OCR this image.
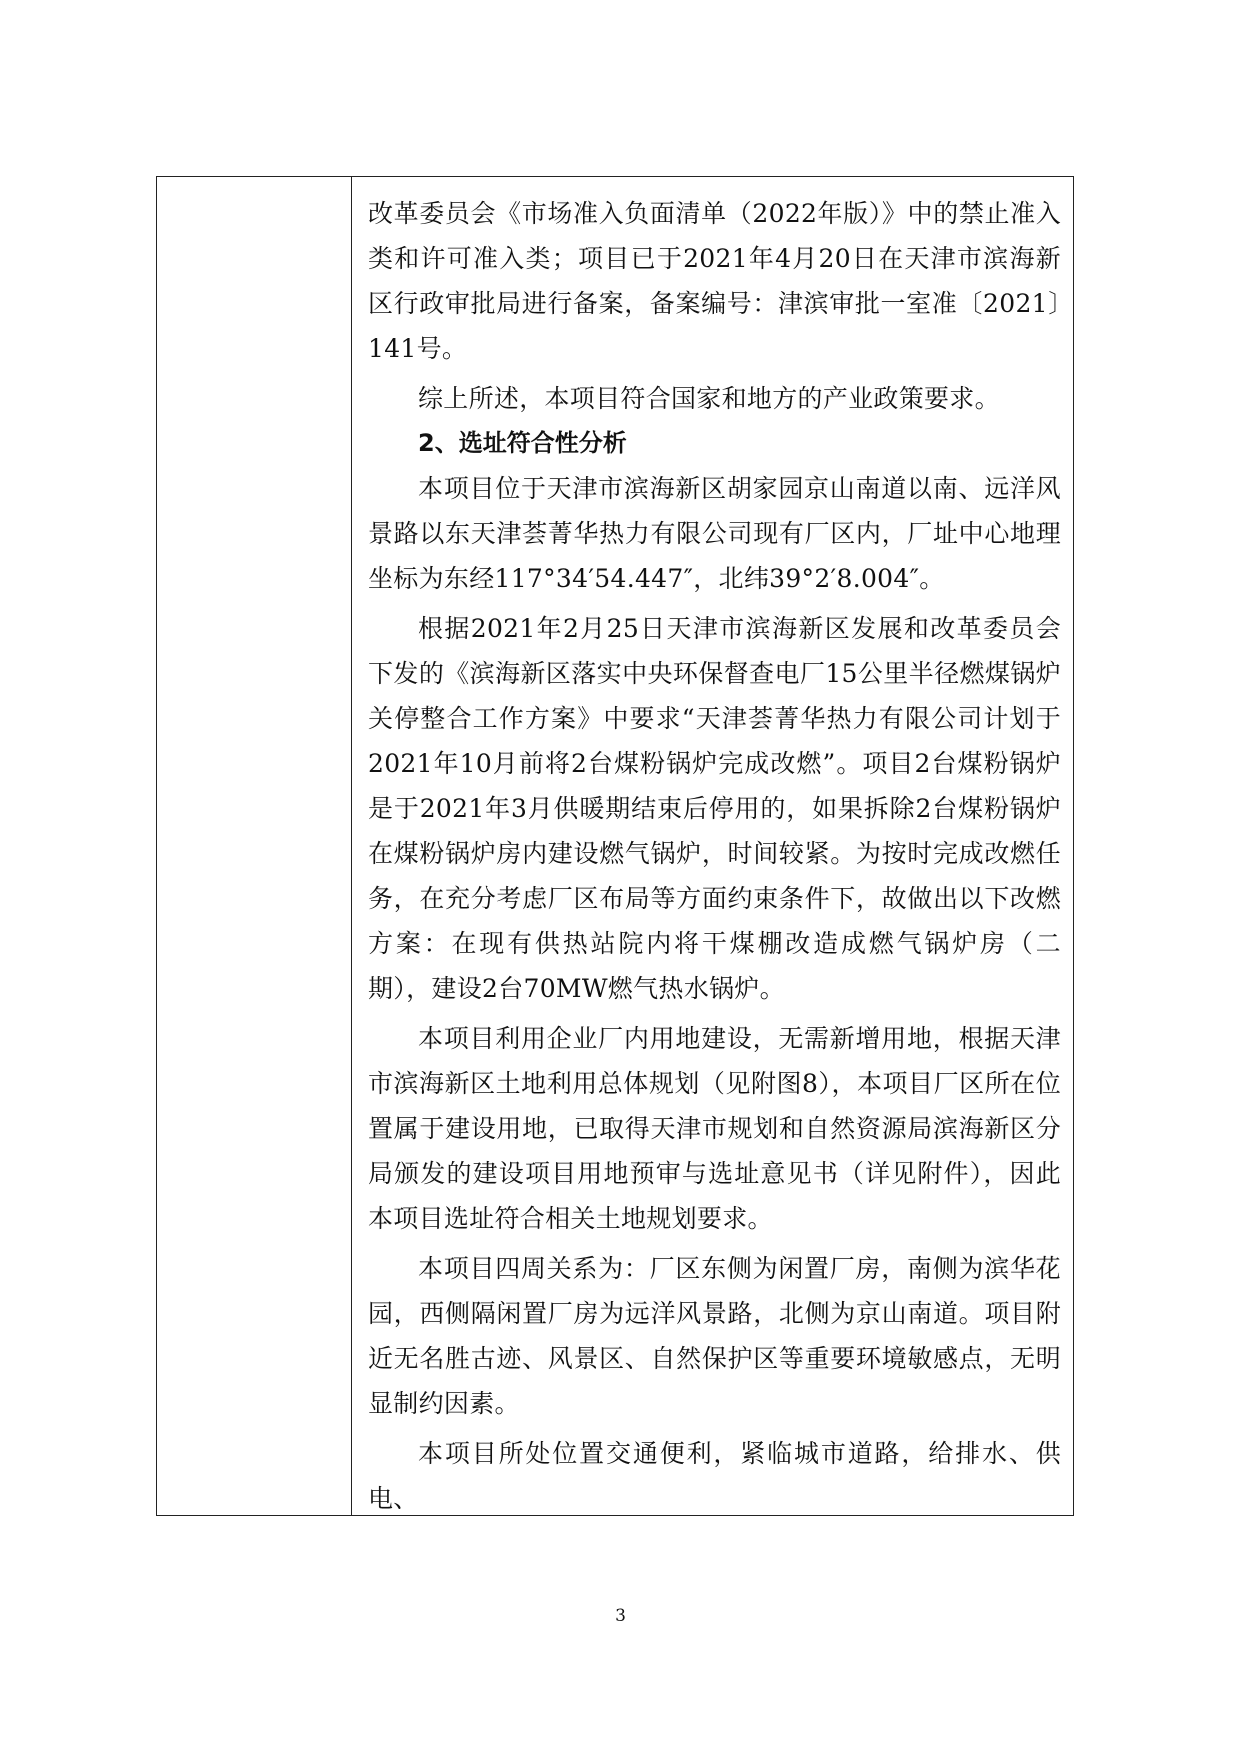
改革委员会《市场准入负面清单（2022年版）》中的禁止准入类和许可准入类；项目已于2021年4月20日在天津市滨海新区行政审批局进行备案，备案编号：津滨审批一室准〔2021〕141号。

综上所述，本项目符合国家和地方的产业政策要求。

2、选址符合性分析

本项目位于天津市滨海新区胡家园京山南道以南、远洋风景路以东天津荟菁华热力有限公司现有厂区内，厂址中心地理坐标为东经117°34′54.447″，北纬39°2′8.004″。

根据2021年2月25日天津市滨海新区发展和改革委员会下发的《滨海新区落实中央环保督查电厂15公里半径燃煤锅炉关停整合工作方案》中要求“天津荟菁华热力有限公司计划于2021年10月前将2台煤粉锅炉完成改燃”。项目2台煤粉锅炉是于2021年3月供暖期结束后停用的，如果拆除2台煤粉锅炉在煤粉锅炉房内建设燃气锅炉，时间较紧。为按时完成改燃任务，在充分考虑厂区布局等方面约束条件下，故做出以下改燃方案：在现有供热站院内将干煤棚改造成燃气锅炉房（二期），建设2台70MW燃气热水锅炉。

本项目利用企业厂内用地建设，无需新增用地，根据天津市滨海新区土地利用总体规划（见附图8），本项目厂区所在位置属于建设用地，已取得天津市规划和自然资源局滨海新区分局颁发的建设项目用地预审与选址意见书（详见附件），因此本项目选址符合相关土地规划要求。

本项目四周关系为：厂区东侧为闲置厂房，南侧为滨华花园，西侧隔闲置厂房为远洋风景路，北侧为京山南道。项目附近无名胜古迹、风景区、自然保护区等重要环境敏感点，无明显制约因素。

本项目所处位置交通便利，紧临城市道路，给排水、供电、

3
